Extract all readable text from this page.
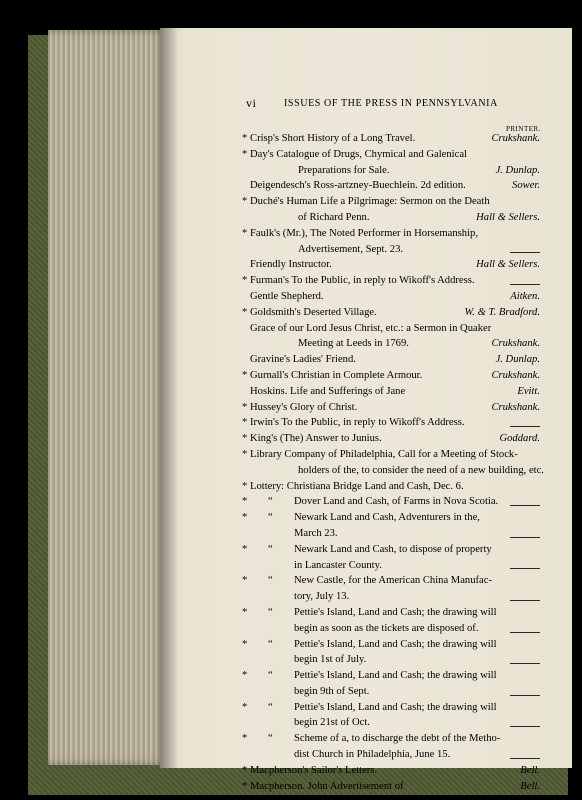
vi	ISSUES OF THE PRESS IN PENNSYLVANIA
PRINTER.
* Crisp's Short History of a Long Travel.	Crukshank.
* Day's Catalogue of Drugs, Chymical and Galenical
Preparations for Sale.	J. Dunlap.
Deigendesch's Ross-artzney-Buechlein. 2d edition.	Sower.
* Duché's Human Life a Pilgrimage: Sermon on the Death
of Richard Penn.	Hall & Sellers.
* Faulk's (Mr.), The Noted Performer in Horsemanship,
Advertisement, Sept. 23.
Friendly Instructor.	Hall & Sellers.
* Furman's To the Public, in reply to Wikoff's Address.
Gentle Shepherd.	Aitken.
* Goldsmith's Deserted Village.	W. & T. Bradford.
Grace of our Lord Jesus Christ, etc.: a Sermon in Quaker
Meeting at Leeds in 1769.	Crukshank.
Gravine's Ladies' Friend.	J. Dunlap.
* Gurnall's Christian in Complete Armour.	Crukshank.
Hoskins. Life and Sufferings of Jane	Evitt.
* Hussey's Glory of Christ.	Crukshank.
* Irwin's To the Public, in reply to Wikoff's Address.
* King's (The) Answer to Junius.	Goddard.
* Library Company of Philadelphia, Call for a Meeting of Stock-
holders of the, to consider the need of a new building, etc.
* Lottery: Christiana Bridge Land and Cash, Dec. 6.
* “ Dover Land and Cash, of Farms in Nova Scotia.
* “ Newark Land and Cash, Adventurers in the,
March 23.
* “ Newark Land and Cash, to dispose of property
in Lancaster County.
* “ New Castle, for the American China Manufac-
tory, July 13.
* “ Pettie's Island, Land and Cash; the drawing will
begin as soon as the tickets are disposed of.
* “ Pettie's Island, Land and Cash; the drawing will
begin 1st of July.
* “ Pettie's Island, Land and Cash; the drawing will
begin 9th of Sept.
* “ Pettie's Island, Land and Cash; the drawing will
begin 21st of Oct.
* “ Scheme of a, to discharge the debt of the Metho-
dist Church in Philadelphia, June 15.
* Macpherson's Sailor's Letters.	Bell.
* Macpherson. John Advertisement of	Bell.
